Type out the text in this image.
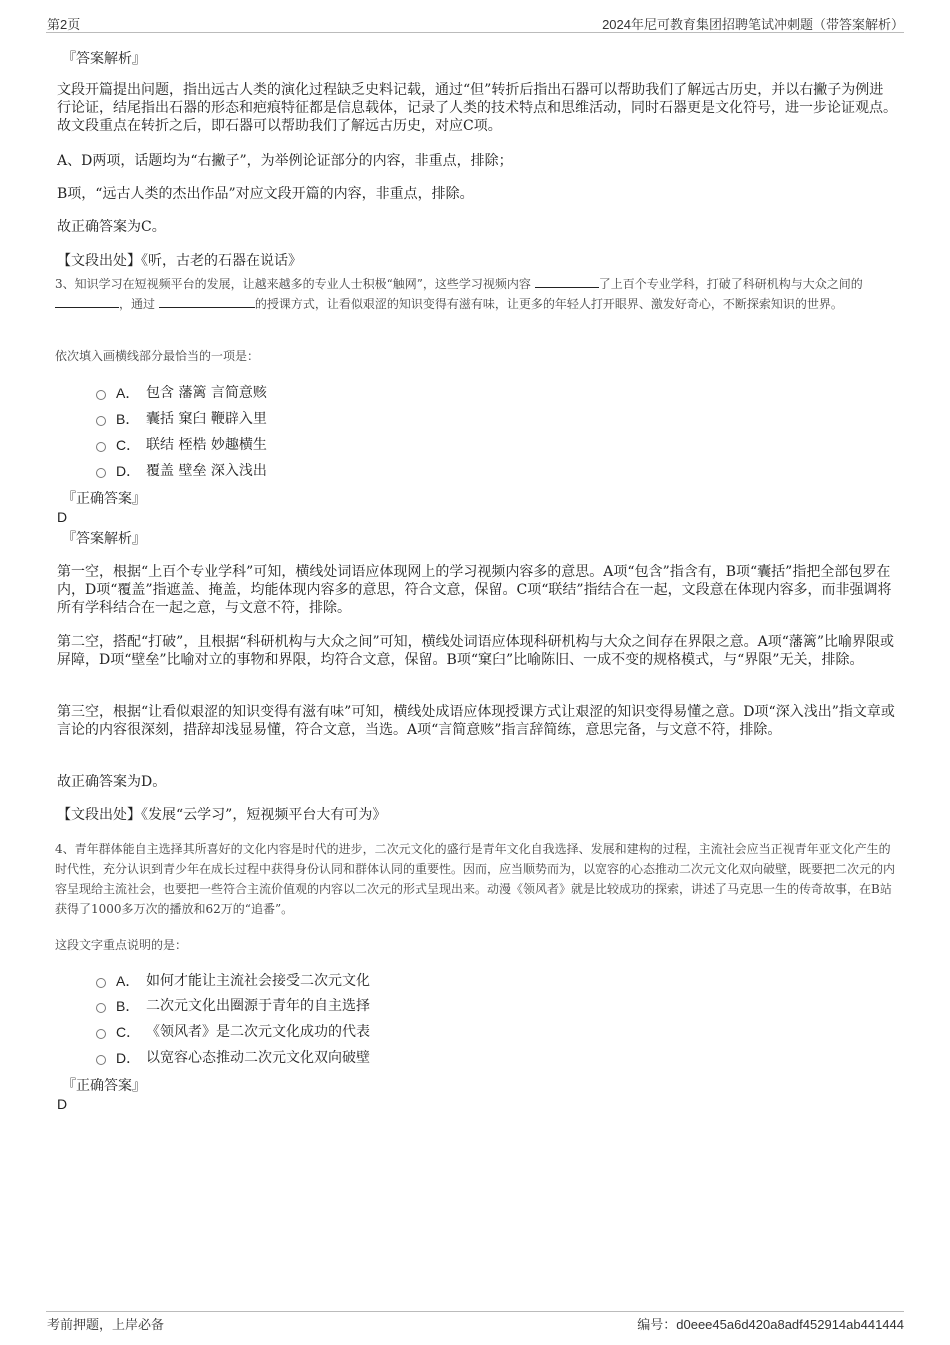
第2页	2024年尼可教育集团招聘笔试冲刺题（带答案解析）
『答案解析』
文段开篇提出问题，指出远古人类的演化过程缺乏史料记载，通过“但”转折后指出石器可以帮助我们了解远古历史，并以右撇子为例进行论证，结尾指出石器的形态和疤痕特征都是信息载体，记录了人类的技术特点和思维活动，同时石器更是文化符号，进一步论证观点。故文段重点在转折之后，即石器可以帮助我们了解远古历史，对应C项。
A、D两项，话题均为“右撇子”，为举例论证部分的内容，非重点，排除；
B项，“远古人类的杰出作品”对应文段开篇的内容，非重点，排除。
故正确答案为C。
【文段出处】《听，古老的石器在说话》
3、知识学习在短视频平台的发展，让越来越多的专业人士积极“触网”，这些学习视频内容	了上百个专业学科，打破了科研机构与大众之间的 ，通过	的授课方式，让看似艰涩的知识变得有滋有味，让更多的年轻人打开眼界、激发好奇心，不断探索知识的世界。
依次填入画横线部分最恰当的一项是：
A． 包含 藩篱 言简意赅
B． 囊括 窠臼 鞭辟入里
C． 联结 桎梏 妙趣横生
D． 覆盖 壁垒 深入浅出
『正确答案』
D
『答案解析』
第一空，根据“上百个专业学科”可知，横线处词语应体现网上的学习视频内容多的意思。A项“包含”指含有，B项“囊括”指把全部包罗在内，D项“覆盖”指遮盖、掩盖，均能体现内容多的意思，符合文意，保留。C项“联结”指结合在一起，文段意在体现内容多，而非强调将所有学科结合在一起之意，与文意不符，排除。
第二空，搭配“打破”，且根据“科研机构与大众之间”可知，横线处词语应体现科研机构与大众之间存在界限之意。A项“藩篱”比喻界限或屏障，D项“壁垒”比喻对立的事物和界限，均符合文意，保留。B项“窠臼”比喻陈旧、一成不变的规格模式，与“界限”无关，排除。
第三空，根据“让看似艰涩的知识变得有滋有味”可知，横线处成语应体现授课方式让艰涩的知识变得易懂之意。D项“深入浅出”指文章或言论的内容很深刻，措辞却浅显易懂，符合文意，当选。A项“言简意赅”指言辞简练，意思完备，与文意不符，排除。
故正确答案为D。
【文段出处】《发展“云学习”，短视频平台大有可为》
4、青年群体能自主选择其所喜好的文化内容是时代的进步，二次元文化的盛行是青年文化自我选择、发展和建构的过程，主流社会应当正视青年亚文化产生的时代性，充分认识到青少年在成长过程中获得身份认同和群体认同的重要性。因而，应当顺势而为，以宽容的心态推动二次元文化双向破壁，既要把二次元的内容呈现给主流社会，也要把一些符合主流价值观的内容以二次元的形式呈现出来。动漫《领风者》就是比较成功的探索，讲述了马克思一生的传奇故事，在B站获得了1000多万次的播放和62万的“追番”。
这段文字重点说明的是：
A． 如何才能让主流社会接受二次元文化
B． 二次元文化出圈源于青年的自主选择
C． 《领风者》是二次元文化成功的代表
D． 以宽容心态推动二次元文化双向破壁
『正确答案』
D
考前押题，上岸必备	编号：d0eee45a6d420a8adf452914ab441444
